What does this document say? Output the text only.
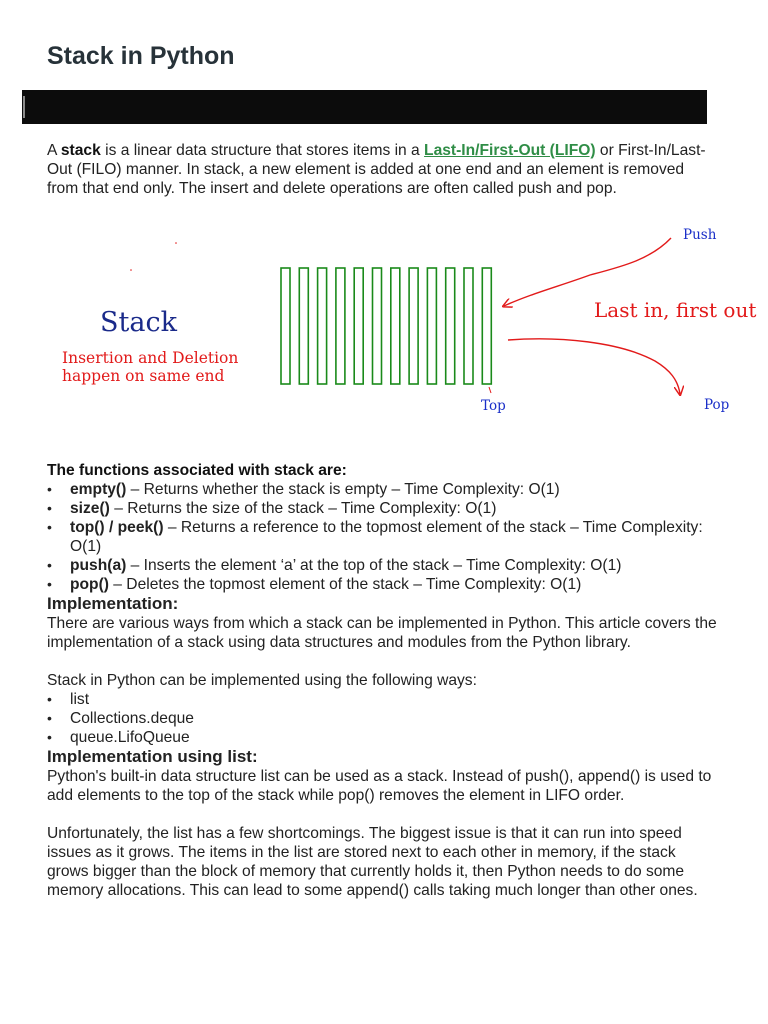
Stack in Python

A stack is a linear data structure that stores items in a Last-In/First-Out (LIFO) or First-In/Last-Out (FILO) manner. In stack, a new element is added at one end and an element is removed from that end only. The insert and delete operations are often called push and pop.

Stack
Insertion and Deletion
happen on same end
Push
Last in, first out
Top	Pop
The functions associated with stack are:
• empty() – Returns whether the stack is empty – Time Complexity: O(1)
• size() – Returns the size of the stack – Time Complexity: O(1)
• top() / peek() – Returns a reference to the topmost element of the stack – Time Complexity: O(1)
• push(a) – Inserts the element ‘a’ at the top of the stack – Time Complexity: O(1)
• pop() – Deletes the topmost element of the stack – Time Complexity: O(1)
Implementation:

There are various ways from which a stack can be implemented in Python. This article covers the implementation of a stack using data structures and modules from the Python library.

Stack in Python can be implemented using the following ways:

• list
• Collections.deque
• queue.LifoQueue
Implementation using list:

Python's built-in data structure list can be used as a stack. Instead of push(), append() is used to add elements to the top of the stack while pop() removes the element in LIFO order.

Unfortunately, the list has a few shortcomings. The biggest issue is that it can run into speed issues as it grows. The items in the list are stored next to each other in memory, if the stack grows bigger than the block of memory that currently holds it, then Python needs to do some memory allocations. This can lead to some append() calls taking much longer than other ones.
